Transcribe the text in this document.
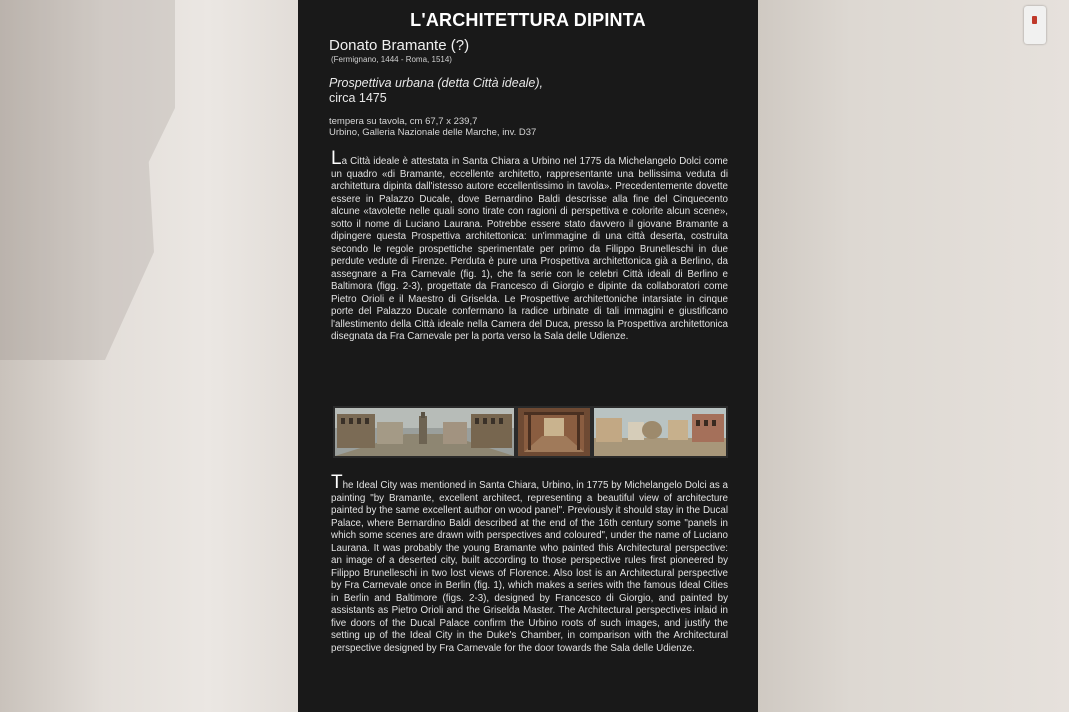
L'ARCHITETTURA DIPINTA
Donato Bramante (?)
(Fermignano, 1444 - Roma, 1514)
Prospettiva urbana (detta Città ideale),
circa 1475
tempera su tavola, cm 67,7 x 239,7
Urbino, Galleria Nazionale delle Marche, inv. D37

La Città ideale è attestata in Santa Chiara a Urbino nel 1775 da Michelangelo Dolci come un quadro «di Bramante, eccellente architetto, rappresentante una bellissima veduta di architettura dipinta dall'istesso autore eccellentissimo in tavola». Precedentemente dovette essere in Palazzo Ducale, dove Bernardino Baldi descrisse alla fine del Cinquecento alcune «tavolette nelle quali sono tirate con ragioni di perspettiva e colorite alcun scene», sotto il nome di Luciano Laurana. Potrebbe essere stato davvero il giovane Bramante a dipingere questa Prospettiva architettonica: un'immagine di una città deserta, costruita secondo le regole prospettiche sperimentate per primo da Filippo Brunelleschi in due perdute vedute di Firenze. Perduta è pure una Prospettiva architettonica già a Berlino, da assegnare a Fra Carnevale (fig. 1), che fa serie con le celebri Città ideali di Berlino e Baltimora (figg. 2-3), progettate da Francesco di Giorgio e dipinte da collaboratori come Pietro Orioli e il Maestro di Griselda. Le Prospettive architettoniche intarsiate in cinque porte del Palazzo Ducale confermano la radice urbinate di tali immagini e giustificano l'allestimento della Città ideale nella Camera del Duca, presso la Prospettiva architettonica disegnata da Fra Carnevale per la porta verso la Sala delle Udienze.

The Ideal City was mentioned in Santa Chiara, Urbino, in 1775 by Michelangelo Dolci as a painting "by Bramante, excellent architect, representing a beautiful view of architecture painted by the same excellent author on wood panel". Previously it should stay in the Ducal Palace, where Bernardino Baldi described at the end of the 16th century some "panels in which some scenes are drawn with perspectives and coloured", under the name of Luciano Laurana. It was probably the young Bramante who painted this Architectural perspective: an image of a deserted city, built according to those perspective rules first pioneered by Filippo Brunelleschi in two lost views of Florence. Also lost is an Architectural perspective by Fra Carnevale once in Berlin (fig. 1), which makes a series with the famous Ideal Cities in Berlin and Baltimore (figs. 2-3), designed by Francesco di Giorgio, and painted by assistants as Pietro Orioli and the Griselda Master. The Architectural perspectives inlaid in five doors of the Ducal Palace confirm the Urbino roots of such images, and justify the setting up of the Ideal City in the Duke's Chamber, in comparison with the Architectural perspective designed by Fra Carnevale for the door towards the Sala delle Udienze.
